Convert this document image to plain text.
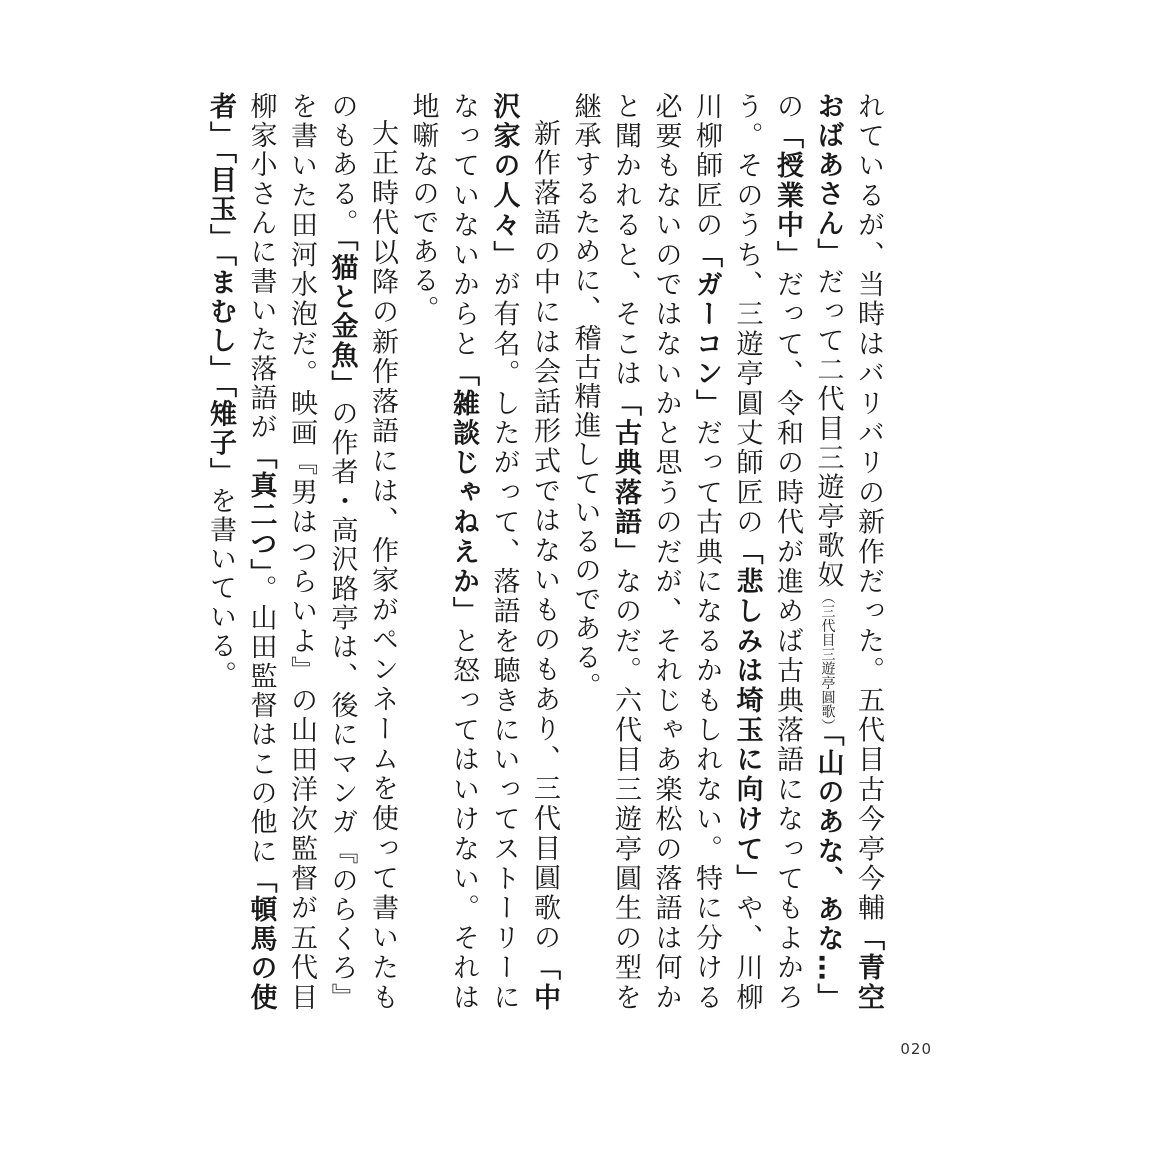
れているが、当時はバリバリの新作だった。五代目古今亭今輔「青空おばあさん」だって二代目三遊亭歌奴（三代目三遊亭圓歌）「山のあな、あな…」の「授業中」だって、令和の時代が進めば古典落語になってもよかろう。そのうち、三遊亭圓丈師匠の「悲しみは埼玉に向けて」や、川柳川柳師匠の「ガーコン」だって古典になるかもしれない。特に分ける必要もないのではないかと思うのだが、それじゃあ楽松の落語は何かと聞かれると、そこは「古典落語」なのだ。六代目三遊亭圓生の型を継承するために、稽古精進しているのである。

新作落語の中には会話形式ではないものもあり、三代目圓歌の「中沢家の人々」が有名。したがって、落語を聴きにいってストーリーになっていないからと「雑談じゃねえか」と怒ってはいけない。それは地噺なのである。

大正時代以降の新作落語には、作家がペンネームを使って書いたものもある。「猫と金魚」の作者・高沢路亭は、後にマンガ『のらくろ』を書いた田河水泡だ。映画『男はつらいよ』の山田洋次監督が五代目柳家小さんに書いた落語が「真二つ」。山田監督はこの他に「頓馬の使者」「目玉」「まむし」「雉子」を書いている。

020
